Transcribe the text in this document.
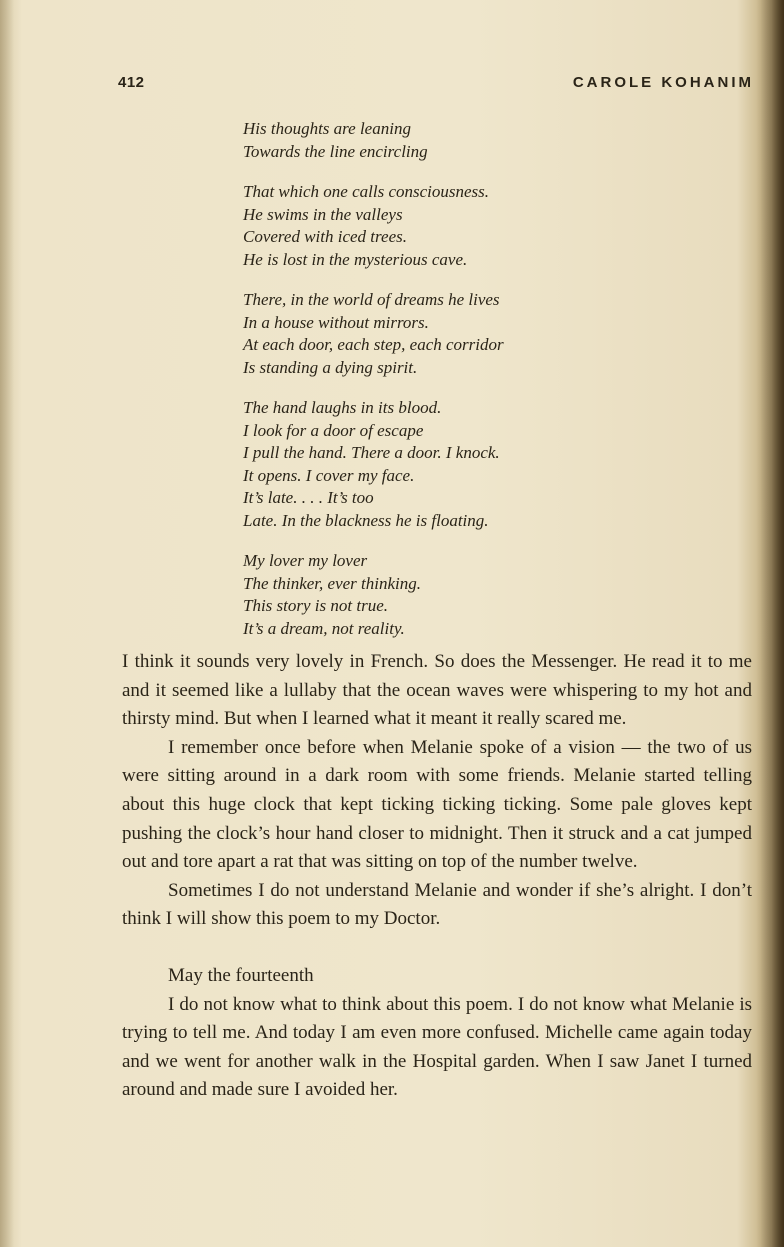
412	CAROLE KOHANIM
His thoughts are leaning
Towards the line encircling
That which one calls consciousness.
He swims in the valleys
Covered with iced trees.
He is lost in the mysterious cave.
There, in the world of dreams he lives
In a house without mirrors.
At each door, each step, each corridor
Is standing a dying spirit.
The hand laughs in its blood.
I look for a door of escape
I pull the hand. There a door. I knock.
It opens. I cover my face.
It’s late. . . . It’s too
Late. In the blackness he is floating.
My lover my lover
The thinker, ever thinking.
This story is not true.
It’s a dream, not reality.

I think it sounds very lovely in French. So does the Messenger. He read it to me and it seemed like a lullaby that the ocean waves were whispering to my hot and thirsty mind. But when I learned what it meant it really scared me.

I remember once before when Melanie spoke of a vision — the two of us were sitting around in a dark room with some friends. Melanie started telling about this huge clock that kept ticking ticking ticking. Some pale gloves kept pushing the clock’s hour hand closer to midnight. Then it struck and a cat jumped out and tore apart a rat that was sitting on top of the number twelve.

Sometimes I do not understand Melanie and wonder if she’s alright. I don’t think I will show this poem to my Doctor.

May the fourteenth

I do not know what to think about this poem. I do not know what Melanie is trying to tell me. And today I am even more confused. Michelle came again today and we went for another walk in the Hospital garden. When I saw Janet I turned around and made sure I avoided her.
